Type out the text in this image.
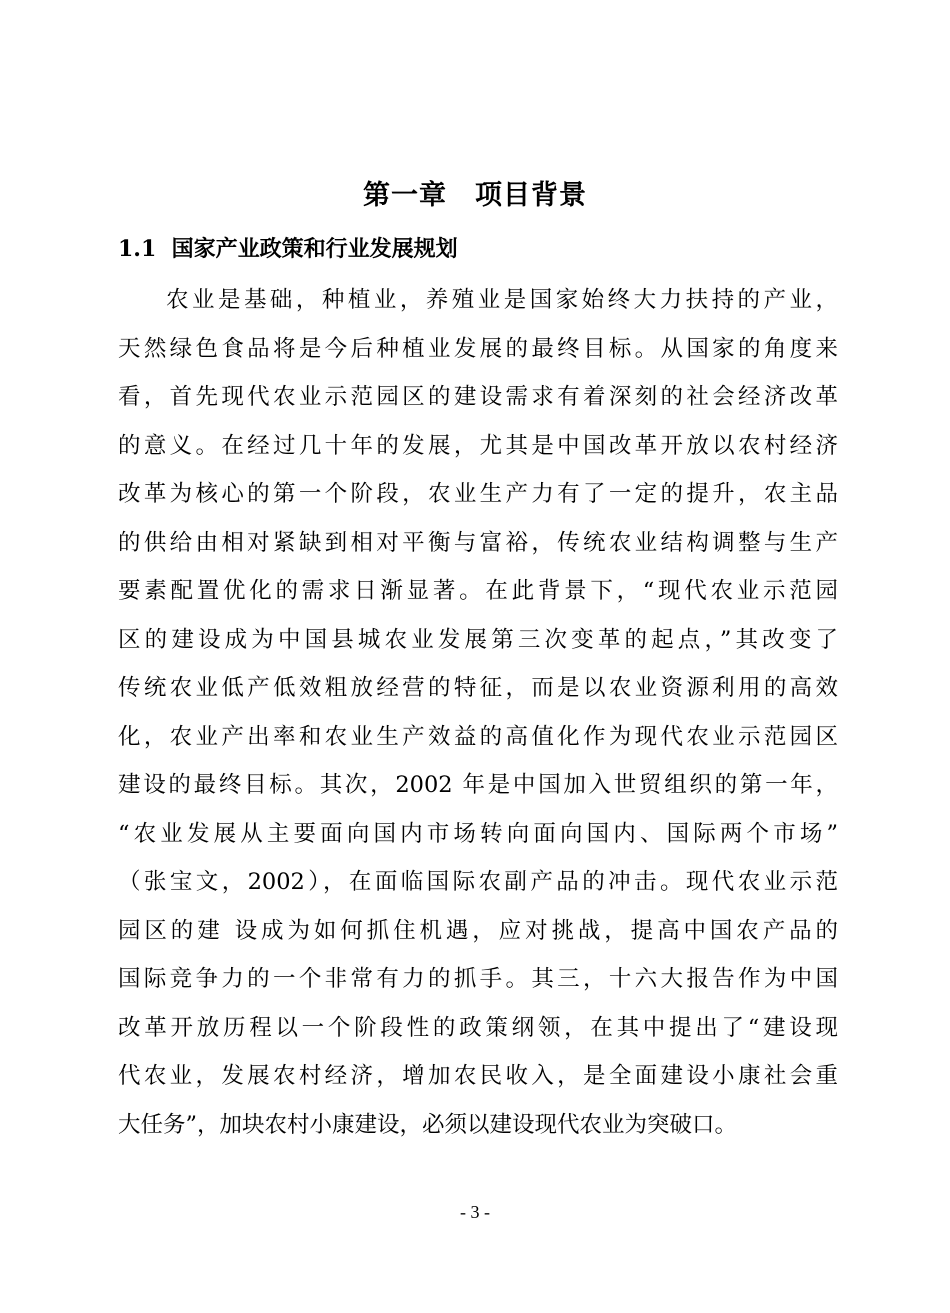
第一章　项目背景
1.1  国家产业政策和行业发展规划
农业是基础，种植业，养殖业是国家始终大力扶持的产业，
天然绿色食品将是今后种植业发展的最终目标。从国家的角度来
看，首先现代农业示范园区的建设需求有着深刻的社会经济改革
的意义。在经过几十年的发展，尤其是中国改革开放以农村经济
改革为核心的第一个阶段，农业生产力有了一定的提升，农主品
的供给由相对紧缺到相对平衡与富裕，传统农业结构调整与生产
要素配置优化的需求日渐显著。在此背景下，“现代农业示范园
区的建设成为中国县城农业发展第三次变革的起点，”其改变了
传统农业低产低效粗放经营的特征，而是以农业资源利用的高效
化，农业产出率和农业生产效益的高值化作为现代农业示范园区
建设的最终目标。其次，2002 年是中国加入世贸组织的第一年，
“农业发展从主要面向国内市场转向面向国内、国际两个市场”
（张宝文，2002），在面临国际农副产品的冲击。现代农业示范
园区的建 设成为如何抓住机遇，应对挑战，提高中国农产品的
国际竞争力的一个非常有力的抓手。其三，十六大报告作为中国
改革开放历程以一个阶段性的政策纲领，在其中提出了“建设现
代农业，发展农村经济，增加农民收入，是全面建设小康社会重
大任务”，加块农村小康建设，必须以建设现代农业为突破口。
- 3 -
